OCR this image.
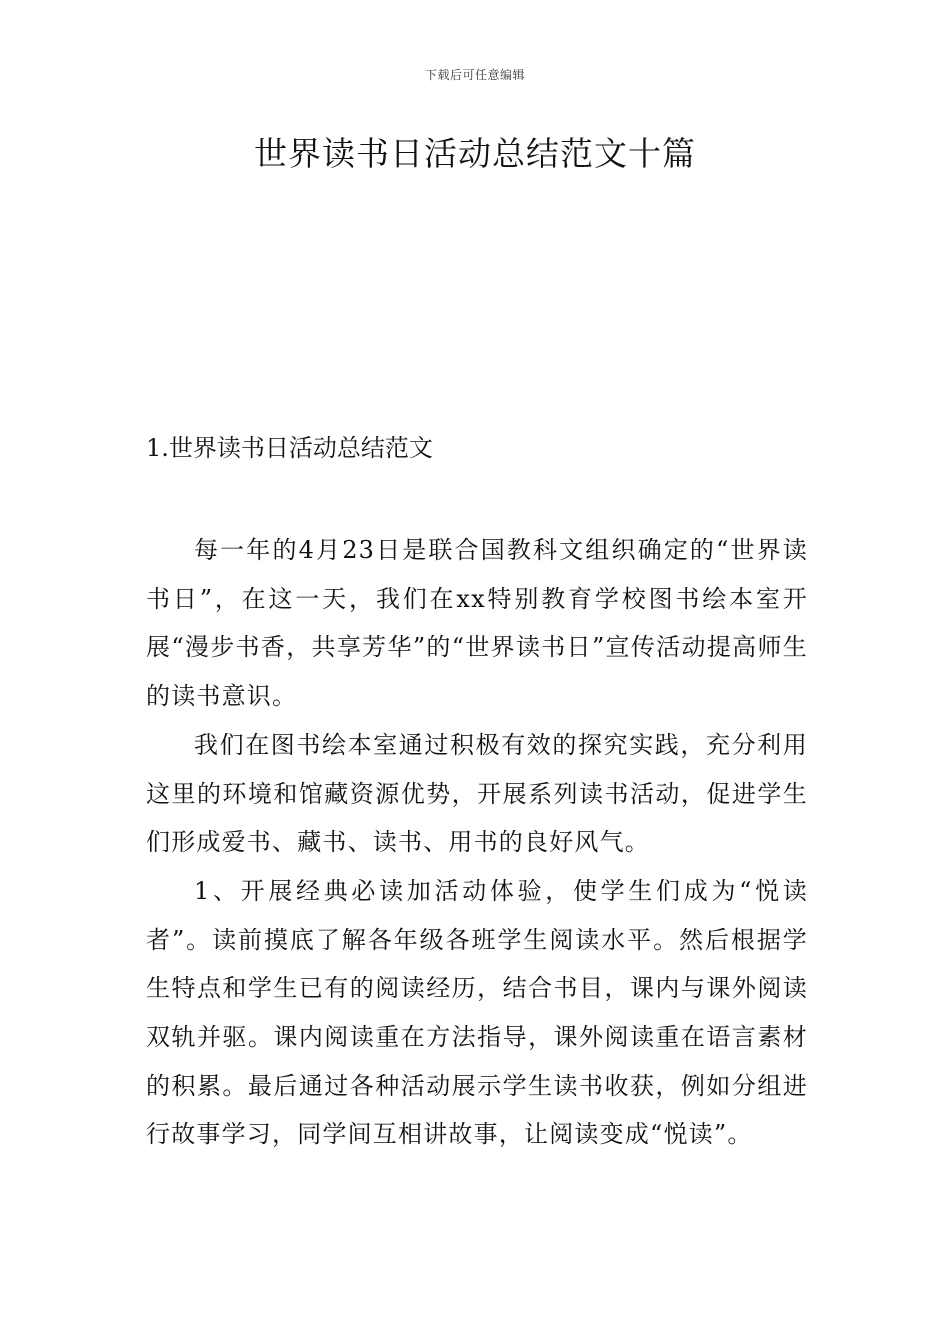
下载后可任意编辑
世界读书日活动总结范文十篇
1.世界读书日活动总结范文

每一年的4月23日是联合国教科文组织确定的“世界读书日”，在这一天，我们在xx特别教育学校图书绘本室开展“漫步书香，共享芳华”的“世界读书日”宣传活动提高师生的读书意识。

我们在图书绘本室通过积极有效的探究实践，充分利用这里的环境和馆藏资源优势，开展系列读书活动，促进学生们形成爱书、藏书、读书、用书的良好风气。

1、开展经典必读加活动体验，使学生们成为“悦读者”。读前摸底了解各年级各班学生阅读水平。然后根据学生特点和学生已有的阅读经历，结合书目，课内与课外阅读双轨并驱。课内阅读重在方法指导，课外阅读重在语言素材的积累。最后通过各种活动展示学生读书收获，例如分组进行故事学习，同学间互相讲故事，让阅读变成“悦读”。
